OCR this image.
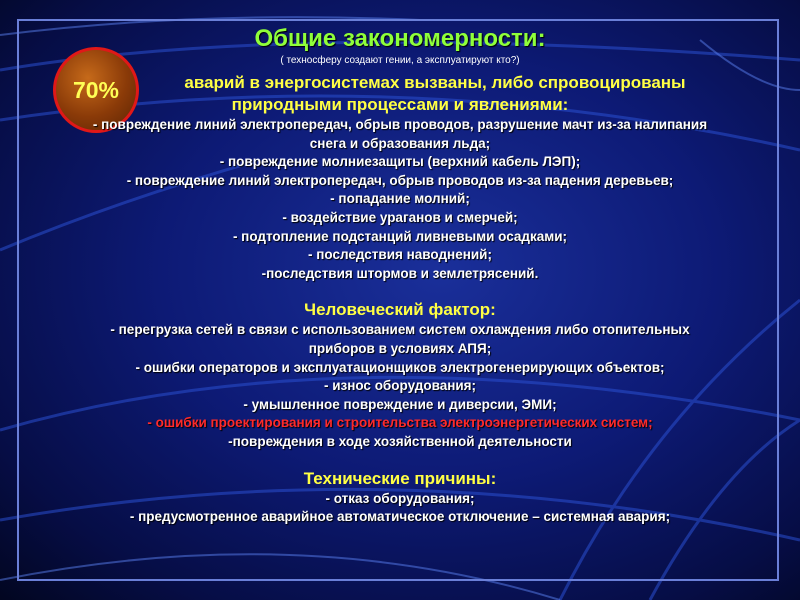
70%
Общие закономерности:
( техносферу создают гении, а эксплуатируют кто?)
аварий в энергосистемах вызваны, либо спровоцированы
природными процессами и явлениями:
- повреждение линий электропередач, обрыв проводов, разрушение мачт из-за налипания
снега и образования льда;
- повреждение молниезащиты (верхний кабель ЛЭП);
- повреждение линий электропередач, обрыв проводов из-за падения деревьев;
- попадание молний;
- воздействие ураганов и смерчей;
- подтопление подстанций ливневыми осадками;
- последствия наводнений;
-последствия штормов и землетрясений.
Человеческий фактор:
- перегрузка сетей в связи с использованием систем охлаждения либо отопительных
приборов в условиях АПЯ;
- ошибки операторов и эксплуатационщиков электрогенерирующих объектов;
- износ оборудования;
- умышленное повреждение и диверсии, ЭМИ;
- ошибки проектирования и строительства электроэнергетических систем;
-повреждения в ходе хозяйственной деятельности
Технические причины:
- отказ оборудования;
- предусмотренное аварийное автоматическое отключение – системная авария;
